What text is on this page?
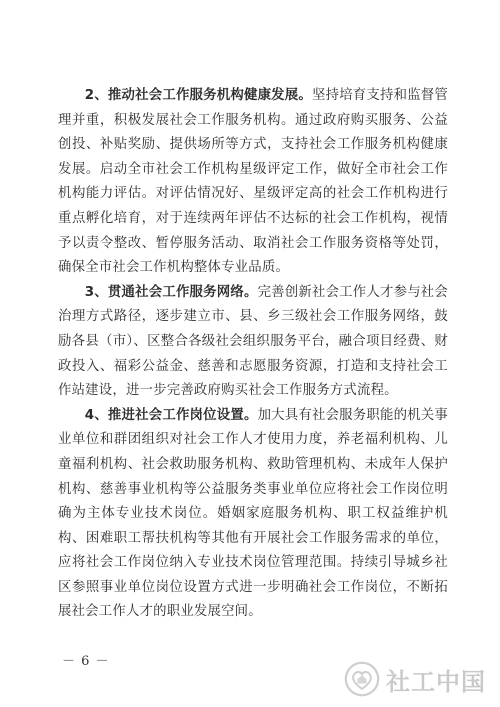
2、推动社会工作服务机构健康发展。坚持培育支持和监督管理并重，积极发展社会工作服务机构。通过政府购买服务、公益创投、补贴奖励、提供场所等方式，支持社会工作服务机构健康发展。启动全市社会工作机构星级评定工作，做好全市社会工作机构能力评估。对评估情况好、星级评定高的社会工作机构进行重点孵化培育，对于连续两年评估不达标的社会工作机构，视情予以责令整改、暂停服务活动、取消社会工作服务资格等处罚，确保全市社会工作机构整体专业品质。

3、贯通社会工作服务网络。完善创新社会工作人才参与社会治理方式路径，逐步建立市、县、乡三级社会工作服务网络，鼓励各县（市）、区整合各级社会组织服务平台，融合项目经费、财政投入、福彩公益金、慈善和志愿服务资源，打造和支持社会工作站建设，进一步完善政府购买社会工作服务方式流程。

4、推进社会工作岗位设置。加大具有社会服务职能的机关事业单位和群团组织对社会工作人才使用力度，养老福利机构、儿童福利机构、社会救助服务机构、救助管理机构、未成年人保护机构、慈善事业机构等公益服务类事业单位应将社会工作岗位明确为主体专业技术岗位。婚姻家庭服务机构、职工权益维护机构、困难职工帮扶机构等其他有开展社会工作服务需求的单位，应将社会工作岗位纳入专业技术岗位管理范围。持续引导城乡社区参照事业单位岗位设置方式进一步明确社会工作岗位，不断拓展社会工作人才的职业发展空间。

－ 6 －
社工中国
